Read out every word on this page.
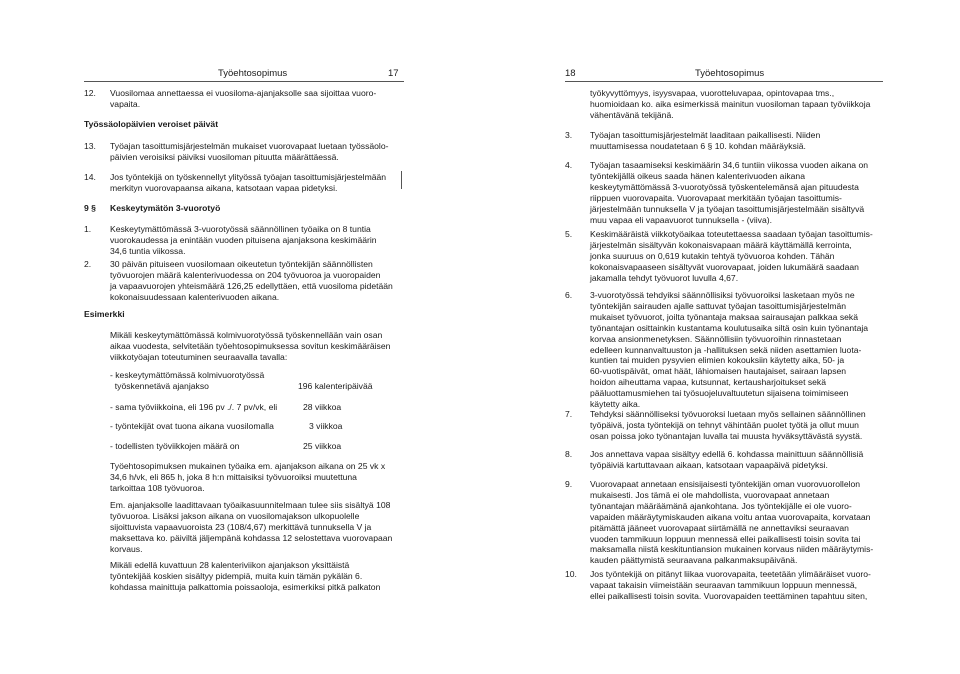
Työehtosopimus	17
12. Vuosilomaa annettaessa ei vuosiloma-ajanjaksolle saa sijoittaa vuoro-
vapaita.
Työssäolopäivien veroiset päivät
13. Työajan tasoittumisjärjestelmän mukaiset vuorovapaat luetaan työssäolo-
päivien veroisiksi päiviksi vuosiloman pituutta määrättäessä.
14. Jos työntekijä on työskennellyt ylityössä työajan tasoittumisjärjestelmään
merkityn vuorovapaansa aikana, katsotaan vapaa pidetyksi.
9 § Keskeytymätön 3-vuorotyö
1. Keskeytymättömässä 3-vuorotyössä säännöllinen työaika on 8 tuntia
vuorokaudessa ja enintään vuoden pituisena ajanjaksona keskimäärin
34,6 tuntia viikossa.
2. 30 päivän pituiseen vuosilomaan oikeutetun työntekijän säännöllisten
työvuorojen määrä kalenterivuodessa on 204 työvuoroa ja vuoropaiden
ja vapaavuorojen yhteismäärä 126,25 edellyttäen, että vuosiloma pidetään
kokonaisuudessaan kalenterivuoden aikana.
Esimerkki
Mikäli keskeytymättömässä kolmivuorotyössä työskennellään vain osan
aikaa vuodesta, selvitetään työehtosopimuksessa sovitun keskimääräisen
viikkotyöajan toteutuminen seuraavalla tavalla:
- keskeytymättömässä kolmivuorotyössä
työskennetävä ajanjakso	196 kalenteripäivää
- sama työviikkoina, eli 196 pv ./. 7 pv/vk, eli	28 viikkoa
- työntekijät ovat tuona aikana vuosilomalla	3 viikkoa
- todellisten työviikkojen määrä on	25 viikkoa
Työehtosopimuksen mukainen työaika em. ajanjakson aikana on 25 vk x
34,6 h/vk, eli 865 h, joka 8 h:n mittaisiksi työvuoroiksi muutettuna
tarkoittaa 108 työvuoroa.
Em. ajanjaksolle laadittavaan työaikasuunnitelmaan tulee siis sisältyä 108
työvuoroa. Lisäksi jakson aikana on vuosilomajakson ulkopuolelle
sijoittuvista vapaavuoroista 23 (108/4,67) merkittävä tunnuksella V ja
maksettava ko. päiviltä jäljempänä kohdassa 12 selostettava vuorovapaan
korvaus.
Mikäli edellä kuvattuun 28 kalenteriviikon ajanjakson yksittäistä
työntekijää koskien sisältyy pidempiä, muita kuin tämän pykälän 6.
kohdassa mainittuja palkattomia poissaoloja, esimerkiksi pitkä palkaton
18	Työehtosopimus
työkyvyttömyys, isyysvapaa, vuorotteluvapaa, opintovapaa tms.,
huomioidaan ko. aika esimerkissä mainitun vuosiloman tapaan työviikkoja
vähentävänä tekijänä.
3. Työajan tasoittumisjärjestelmät laaditaan paikallisesti. Niiden
muuttamisessa noudatetaan 6 § 10. kohdan määräyksiä.
4. Työajan tasaamiseksi keskimäärin 34,6 tuntiin viikossa vuoden aikana on
työntekijällä oikeus saada hänen kalenterivuoden aikana
keskeytymättömässä 3-vuorotyössä työskentelemänsä ajan pituudesta
riippuen vuorovapaita. Vuorovapaat merkitään työajan tasoittumis-
järjestelmään tunnuksella V ja työajan tasoittumisjärjestelmään sisältyvä
muu vapaa eli vapaavuorot tunnuksella - (viiva).
5. Keskimääräistä viikkotyöaikaa toteutettaessa saadaan työajan tasoittumis-
järjestelmän sisältyvän kokonaisvapaan määrä käyttämällä kerrointa,
jonka suuruus on 0,619 kutakin tehtyä työvuoroa kohden. Tähän
kokonaisvapaaseen sisältyvät vuorovapaat, joiden lukumäärä saadaan
jakamalla tehdyt työvuorot luvulla 4,67.
6. 3-vuorotyössä tehdyiksi säännöllisiksi työvuoroiksi lasketaan myös ne
työntekijän sairauden ajalle sattuvat työajan tasoittumisjärjestelmän
mukaiset työvuorot, joilta työnantaja maksaa sairausajan palkkaa sekä
työnantajan osittainkin kustantama koulutusaika siltä osin kuin työnantaja
korvaa ansionmenetyksen. Säännöllisiin työvuoroihin rinnastetaan
edelleen kunnanvaltuuston ja -hallituksen sekä niiden asettamien luota-
kuntien tai muiden pysyvien elimien kokouksiin käytetty aika, 50- ja
60-vuotispäivät, omat häät, lähiomaisen hautajaiset, sairaan lapsen
hoidon aiheuttama vapaa, kutsunnat, kertausharjoitukset sekä
pääluottamusmiehen tai työsuojeluvaltuutetun sijaisena toimimiseen
käytetty aika.
7. Tehdyksi säännölliseksi työvuoroksi luetaan myös sellainen säännöllinen
työpäivä, josta työntekijä on tehnyt vähintään puolet työtä ja ollut muun
osan poissa joko työnantajan luvalla tai muusta hyväksyttävästä syystä.
8. Jos annettava vapaa sisältyy edellä 6. kohdassa mainittuun säännöllisiä
työpäiviä kartuttavaan aikaan, katsotaan vapaapäivä pidetyksi.
9. Vuorovapaat annetaan ensisijaisesti työntekijän oman vuorovuorollelon
mukaisesti. Jos tämä ei ole mahdollista, vuorovapaat annetaan
työnantajan määräämänä ajankohtana. Jos työntekijälle ei ole vuoro-
vapaiden määräytymiskauden aikana voitu antaa vuorovapaita, korvataan
pitämättä jääneet vuorovapaat siirtämällä ne annettaviksi seuraavan
vuoden tammikuun loppuun mennessä ellei paikallisesti toisin sovita tai
maksamalla niistä keskituntiansion mukainen korvaus niiden määräytymis-
kauden päättymistä seuraavana palkanmaksupäivänä.
10. Jos työntekijä on pitänyt liikaa vuorovapaita, teetetään ylimääräiset vuoro-
vapaat takaisin viimeistään seuraavan tammikuun loppuun mennessä,
ellei paikallisesti toisin sovita. Vuorovapaiden teettäminen tapahtuu siten,
